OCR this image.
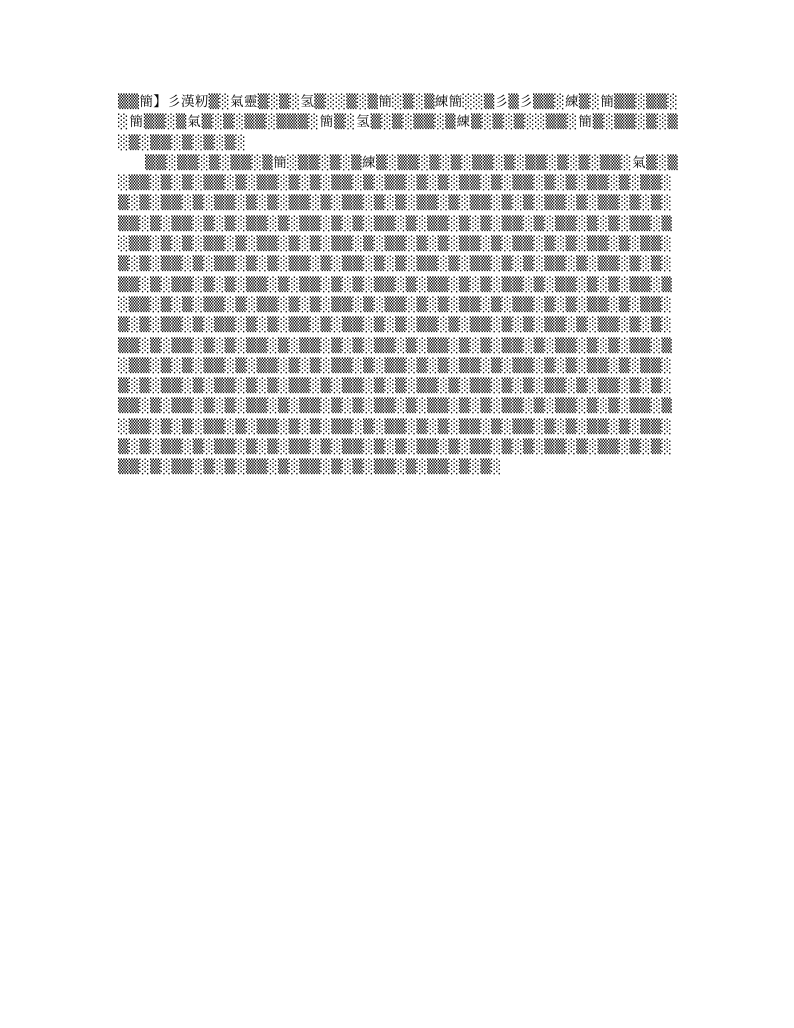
▒▒簡】彡漢籾▒░氣靈▒░▒░氢▒░░▒░▒簡░▒░▒練簡░░▒彡▒彡▒▒░練▒░簡▒▒░▒▒░░簡▒▒░▒氣▒░▒░▒▒░▒▒▒░簡▒░氢▒░▒░▒▒░▒練▒░▒░▒░░▒▒░簡▒░▒▒░▒░▒░▒░▒▒░▒░▒░▒░

▒▒░▒▒░▒░▒▒░▒簡░▒▒░▒░▒練▒░▒▒░▒░▒░▒▒░▒░▒▒░▒░▒░▒▒░氣▒░▒░▒▒░▒░▒░▒▒░▒░▒▒░▒░▒░▒▒░▒░▒▒░▒░▒░▒▒░▒░▒▒░▒░▒░▒▒░▒░▒▒░▒░▒░▒▒░▒░▒▒░▒░▒░▒▒░▒░▒▒░▒░▒░▒▒░▒░▒▒░▒░▒░▒▒░▒░▒▒░▒░▒░▒▒░▒░▒▒░▒░▒░▒▒░▒░▒▒░▒░▒░▒▒░▒░▒▒░▒░▒░▒▒░▒░▒▒░▒░▒░▒▒░▒░▒▒░▒░▒░▒▒░▒░▒▒░▒░▒░▒▒░▒░▒▒░▒░▒░▒▒░▒░▒▒░▒░▒░▒▒░▒░▒▒░▒░▒░▒▒░▒░▒▒░▒░▒░▒▒░▒░▒▒░▒░▒░▒▒░▒░▒▒░▒░▒░▒▒░▒░▒▒░▒░▒░▒▒░▒░▒▒░▒░▒░▒▒░▒░▒▒░▒░▒░▒▒░▒░▒▒░▒░▒░▒▒░▒░▒▒░▒░▒░▒▒░▒░▒▒░▒░▒░▒▒░▒░▒▒░▒░▒░▒▒░▒░▒▒░▒░▒░▒▒░▒░▒▒░▒░▒░▒▒░▒░▒▒░▒░▒░▒▒░▒░▒▒░▒░▒░▒▒░▒░▒▒░▒░▒░▒▒░▒░▒▒░▒░▒░▒▒░▒░▒▒░▒░▒░▒▒░▒░▒▒░▒░▒░▒▒░▒░▒▒░▒░▒░▒▒░▒░▒▒░▒░▒░▒▒░▒░▒▒░▒░▒░▒▒░▒░▒▒░▒░▒░▒▒░▒░▒▒░▒░▒░▒▒░▒░▒▒░▒░▒░▒▒░▒░▒▒░▒░▒░▒▒░▒░▒▒░▒░▒░▒▒░▒░▒▒░▒░▒░▒▒░▒░▒▒░▒░▒░▒▒░▒░▒▒░▒░▒░▒▒░▒░▒▒░▒░▒░▒▒░▒░▒▒░▒░▒░▒▒░▒░▒▒░▒░▒░▒▒░▒░▒▒░▒░▒░▒▒░▒░▒▒░▒░▒░▒▒░▒░▒▒░▒░▒░▒▒░▒░▒▒░▒░▒░▒▒░▒░▒▒░▒░▒░▒▒░▒░▒▒░▒░▒░▒▒░▒░▒▒░▒░▒░▒▒░▒░▒▒░▒░▒░▒▒░▒░▒▒░▒░▒░▒▒░▒░▒▒░▒░▒░▒▒░▒░▒▒░▒░▒░▒▒░▒░▒▒░▒░▒░▒▒░▒░▒▒░▒░▒░▒▒░▒░▒▒░▒░▒░
